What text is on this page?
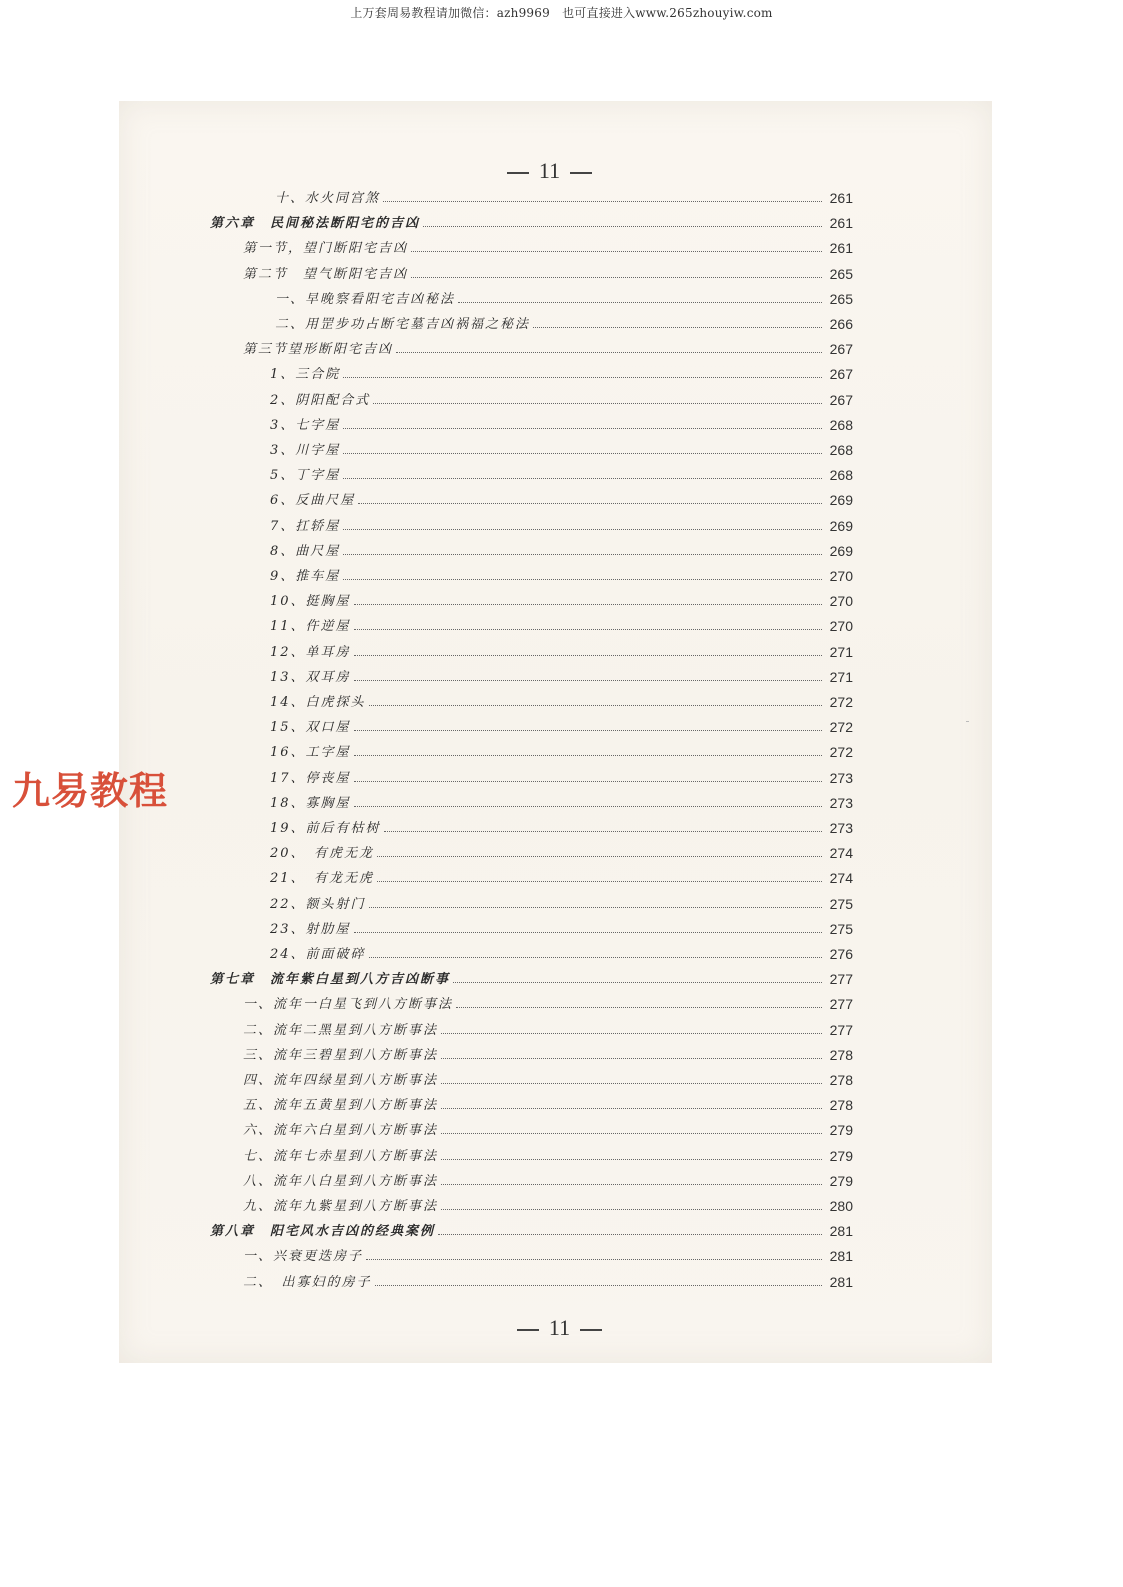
上万套周易教程请加微信：azh9969　也可直接进入www.265zhouyiw.com
11
十、水火同宫煞	261
第六章　民间秘法断阳宅的吉凶	261
第一节，望门断阳宅吉凶	261
第二节　望气断阳宅吉凶	265
一、早晚察看阳宅吉凶秘法	265
二、用罡步功占断宅墓吉凶祸福之秘法	266
第三节望形断阳宅吉凶	267
1、三合院	267
2、阴阳配合式	267
3、七字屋	268
3、川字屋	268
5、丁字屋	268
6、反曲尺屋	269
7、扛轿屋	269
8、曲尺屋	269
9、推车屋	270
10、挺胸屋	270
11、仵逆屋	270
12、单耳房	271
13、双耳房	271
14、白虎探头	272
15、双口屋	272
16、工字屋	272
17、停丧屋	273
18、寡胸屋	273
19、前后有枯树	273
20、　有虎无龙	274
21、　有龙无虎	274
22、额头射门	275
23、射肋屋	275
24、前面破碎	276
第七章　流年紫白星到八方吉凶断事	277
一、流年一白星飞到八方断事法	277
二、流年二黑星到八方断事法	277
三、流年三碧星到八方断事法	278
四、流年四绿星到八方断事法	278
五、流年五黄星到八方断事法	278
六、流年六白星到八方断事法	279
七、流年七赤星到八方断事法	279
八、流年八白星到八方断事法	279
九、流年九紫星到八方断事法	280
第八章　阳宅风水吉凶的经典案例	281
一、兴衰更迭房子	281
二、　出寡妇的房子	281
11
九易教程
